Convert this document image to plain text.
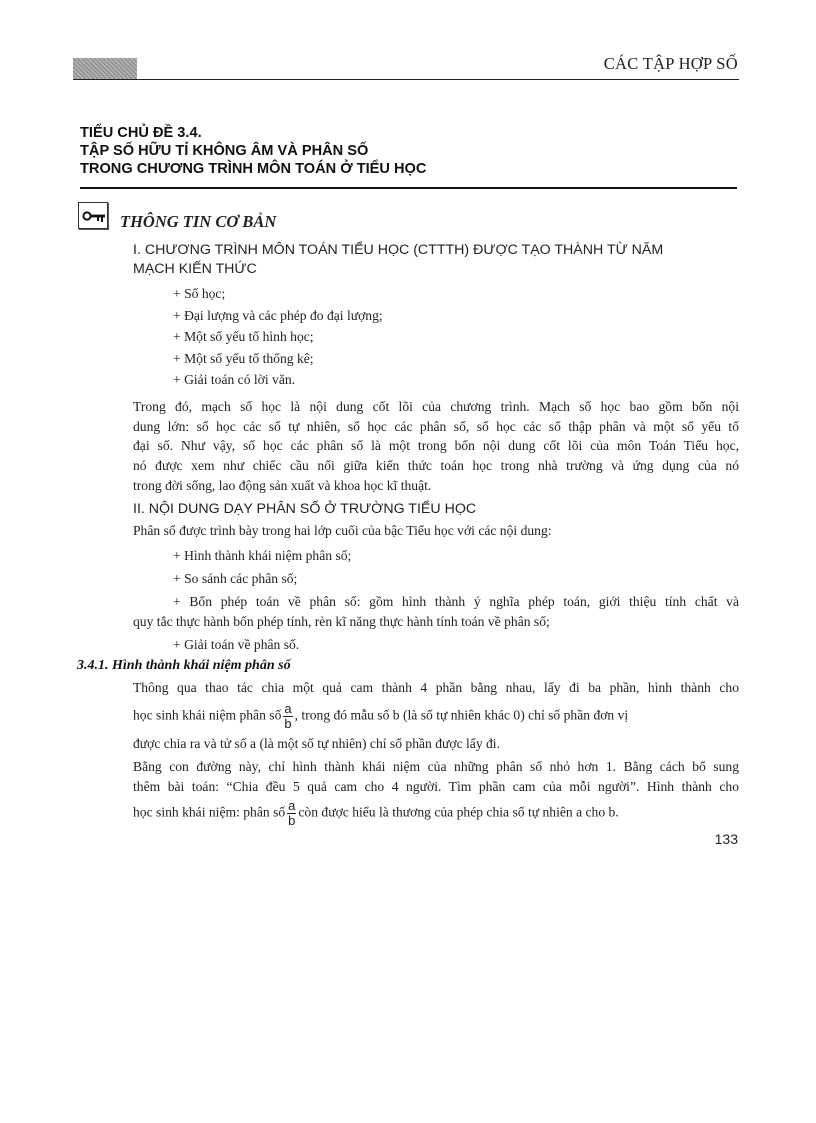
CÁC TẬP HỢP SỐ
TIỂU CHỦ ĐỀ 3.4.
TẬP SỐ HỮU TỈ KHÔNG ÂM VÀ PHÂN SỐ
TRONG CHƯƠNG TRÌNH MÔN TOÁN Ở TIỂU HỌC
THÔNG TIN CƠ BẢN
I. CHƯƠNG TRÌNH MÔN TOÁN TIỂU HỌC (CTTTH) ĐƯỢC TẠO THÀNH TỪ NĂM
MẠCH KIẾN THỨC
+ Số học;
+ Đại lượng và các phép đo đại lượng;
+ Một số yếu tố hình học;
+ Một số yếu tố thống kê;
+ Giải toán có lời văn.
Trong đó, mạch số học là nội dung cốt lõi của chương trình. Mạch số học bao gồm bốn nội
dung lớn: số học các số tự nhiên, số học các phân số, số học các số thập phân và một số yếu tố
đại số. Như vậy, số học các phân số là một trong bốn nội dung cốt lõi của môn Toán Tiểu học,
nó được xem như chiếc cầu nối giữa kiến thức toán học trong nhà trường và ứng dụng của nó
trong đời sống, lao động sản xuất và khoa học kĩ thuật.
II. NỘI DUNG DẠY PHÂN SỐ Ở TRƯỜNG TIỂU HỌC
Phân số được trình bày trong hai lớp cuối của bậc Tiểu học với các nội dung:
+ Hình thành khái niệm phân số;
+ So sánh các phân số;
+ Bốn phép toán về phân số: gồm hình thành ý nghĩa phép toán, giới thiệu tính chất và
quy tắc thực hành bốn phép tính, rèn kĩ năng thực hành tính toán về phân số;
+ Giải toán về phân số.
3.4.1. Hình thành khái niệm phân số
Thông qua thao tác chia một quả cam thành 4 phần bằng nhau, lấy đi ba phần, hình thành cho
học sinh khái niệm phân số $\frac{a}{b}$ , trong đó mẫu số b (là số tự nhiên khác 0) chỉ số phần đơn vị
được chia ra và tử số a (là một số tự nhiên) chỉ số phần được lấy đi.
Bằng con đường này, chỉ hình thành khái niệm của những phân số nhỏ hơn 1. Bằng cách bổ sung
thêm bài toán: “Chia đều 5 quả cam cho 4 người. Tìm phần cam của mỗi người”. Hình thành cho
học sinh khái niệm: phân số $\frac{a}{b}$ còn được hiểu là thương của phép chia số tự nhiên a cho b.
133
